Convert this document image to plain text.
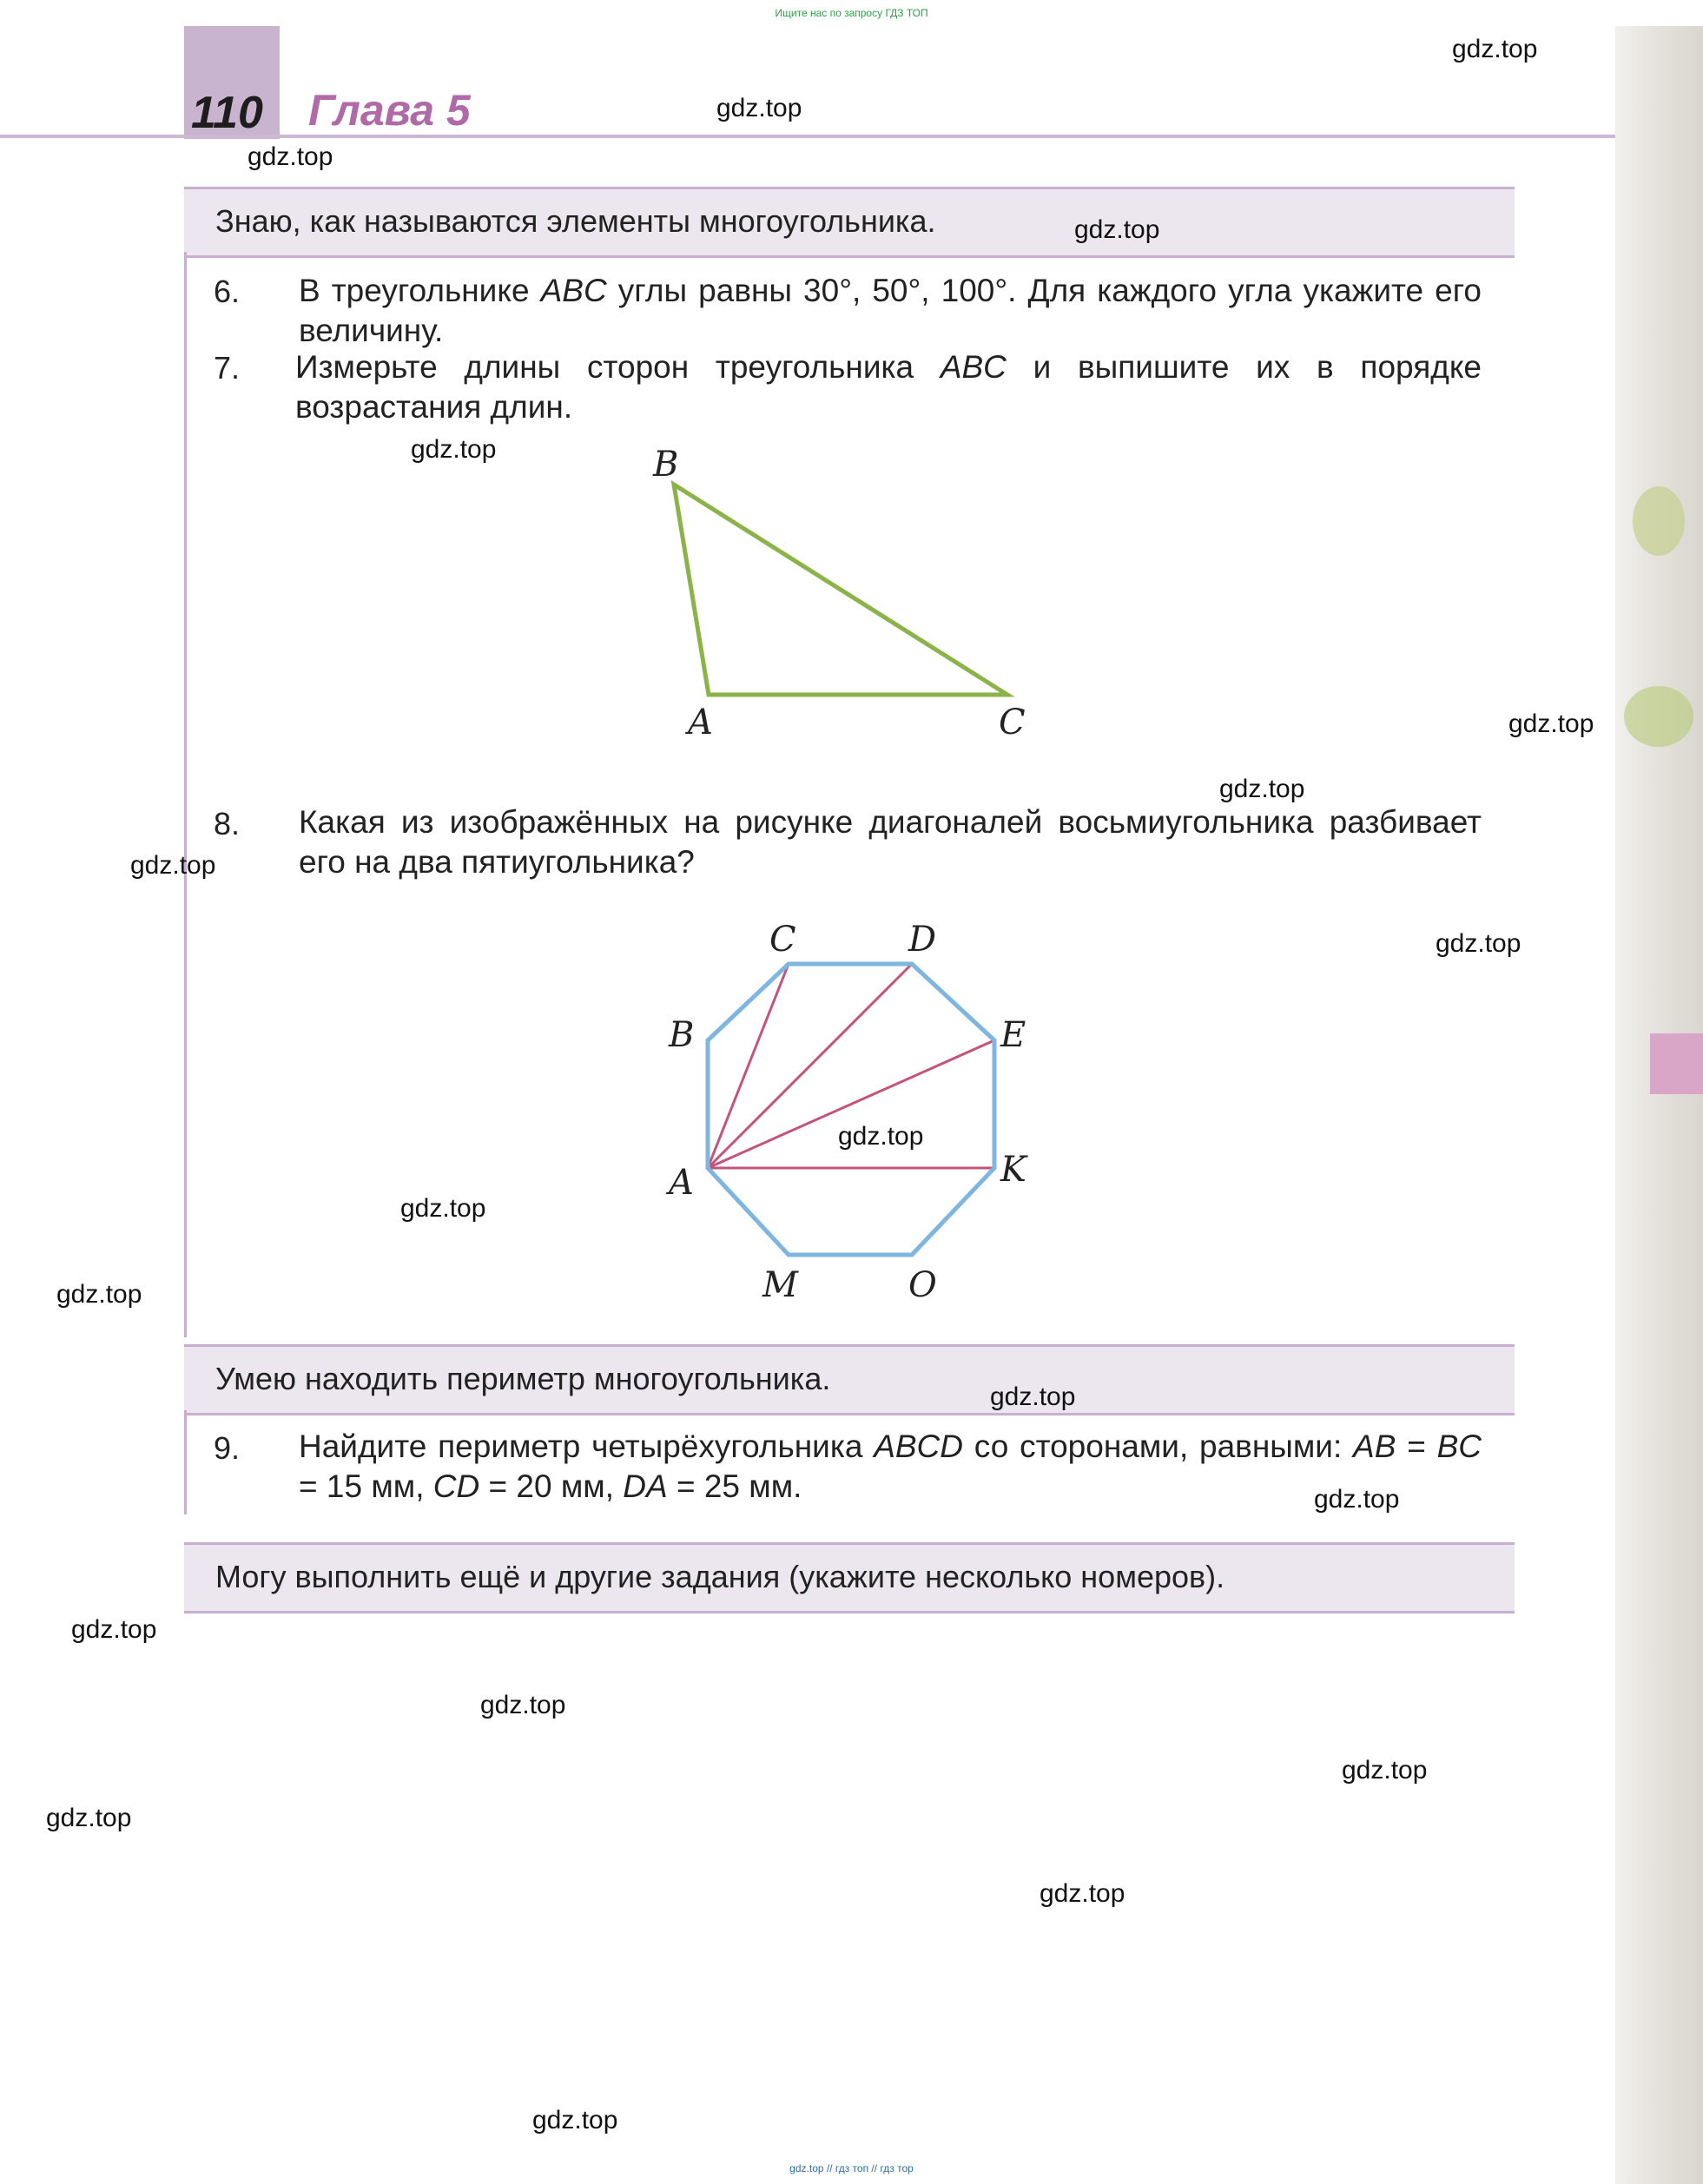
Ищите нас по запросу ГДЗ ТОП
110 Глава 5
Знаю, как называются элементы многоугольника.
6. В треугольнике ABC углы равны 30°, 50°, 100°. Для каждого угла укажите его величину.
7. Измерьте длины сторон треугольника ABC и выпишите их в порядке возрастания длин.
B
A	C
8. Какая из изображённых на рисунке диагоналей восьмиугольника разбивает его на два пятиугольника?
C	D
B	E
A	K
O
M
Умею находить периметр многоугольника.
9. Найдите периметр четырёхугольника ABCD со сторонами, равными: AB = BC = 15 мм, CD = 20 мм, DA = 25 мм.
Могу выполнить ещё и другие задания (укажите несколько номеров).
gdz.top
gdz.top
gdz.top
gdz.top
gdz.top
gdz.top
gdz.top
gdz.top
gdz.top
gdz.top
gdz.top
gdz.top
gdz.top
gdz.top
gdz.top
gdz.top
gdz.top
gdz.top
gdz.top
gdz.top
gdz.top // гдз топ // гдз тор
